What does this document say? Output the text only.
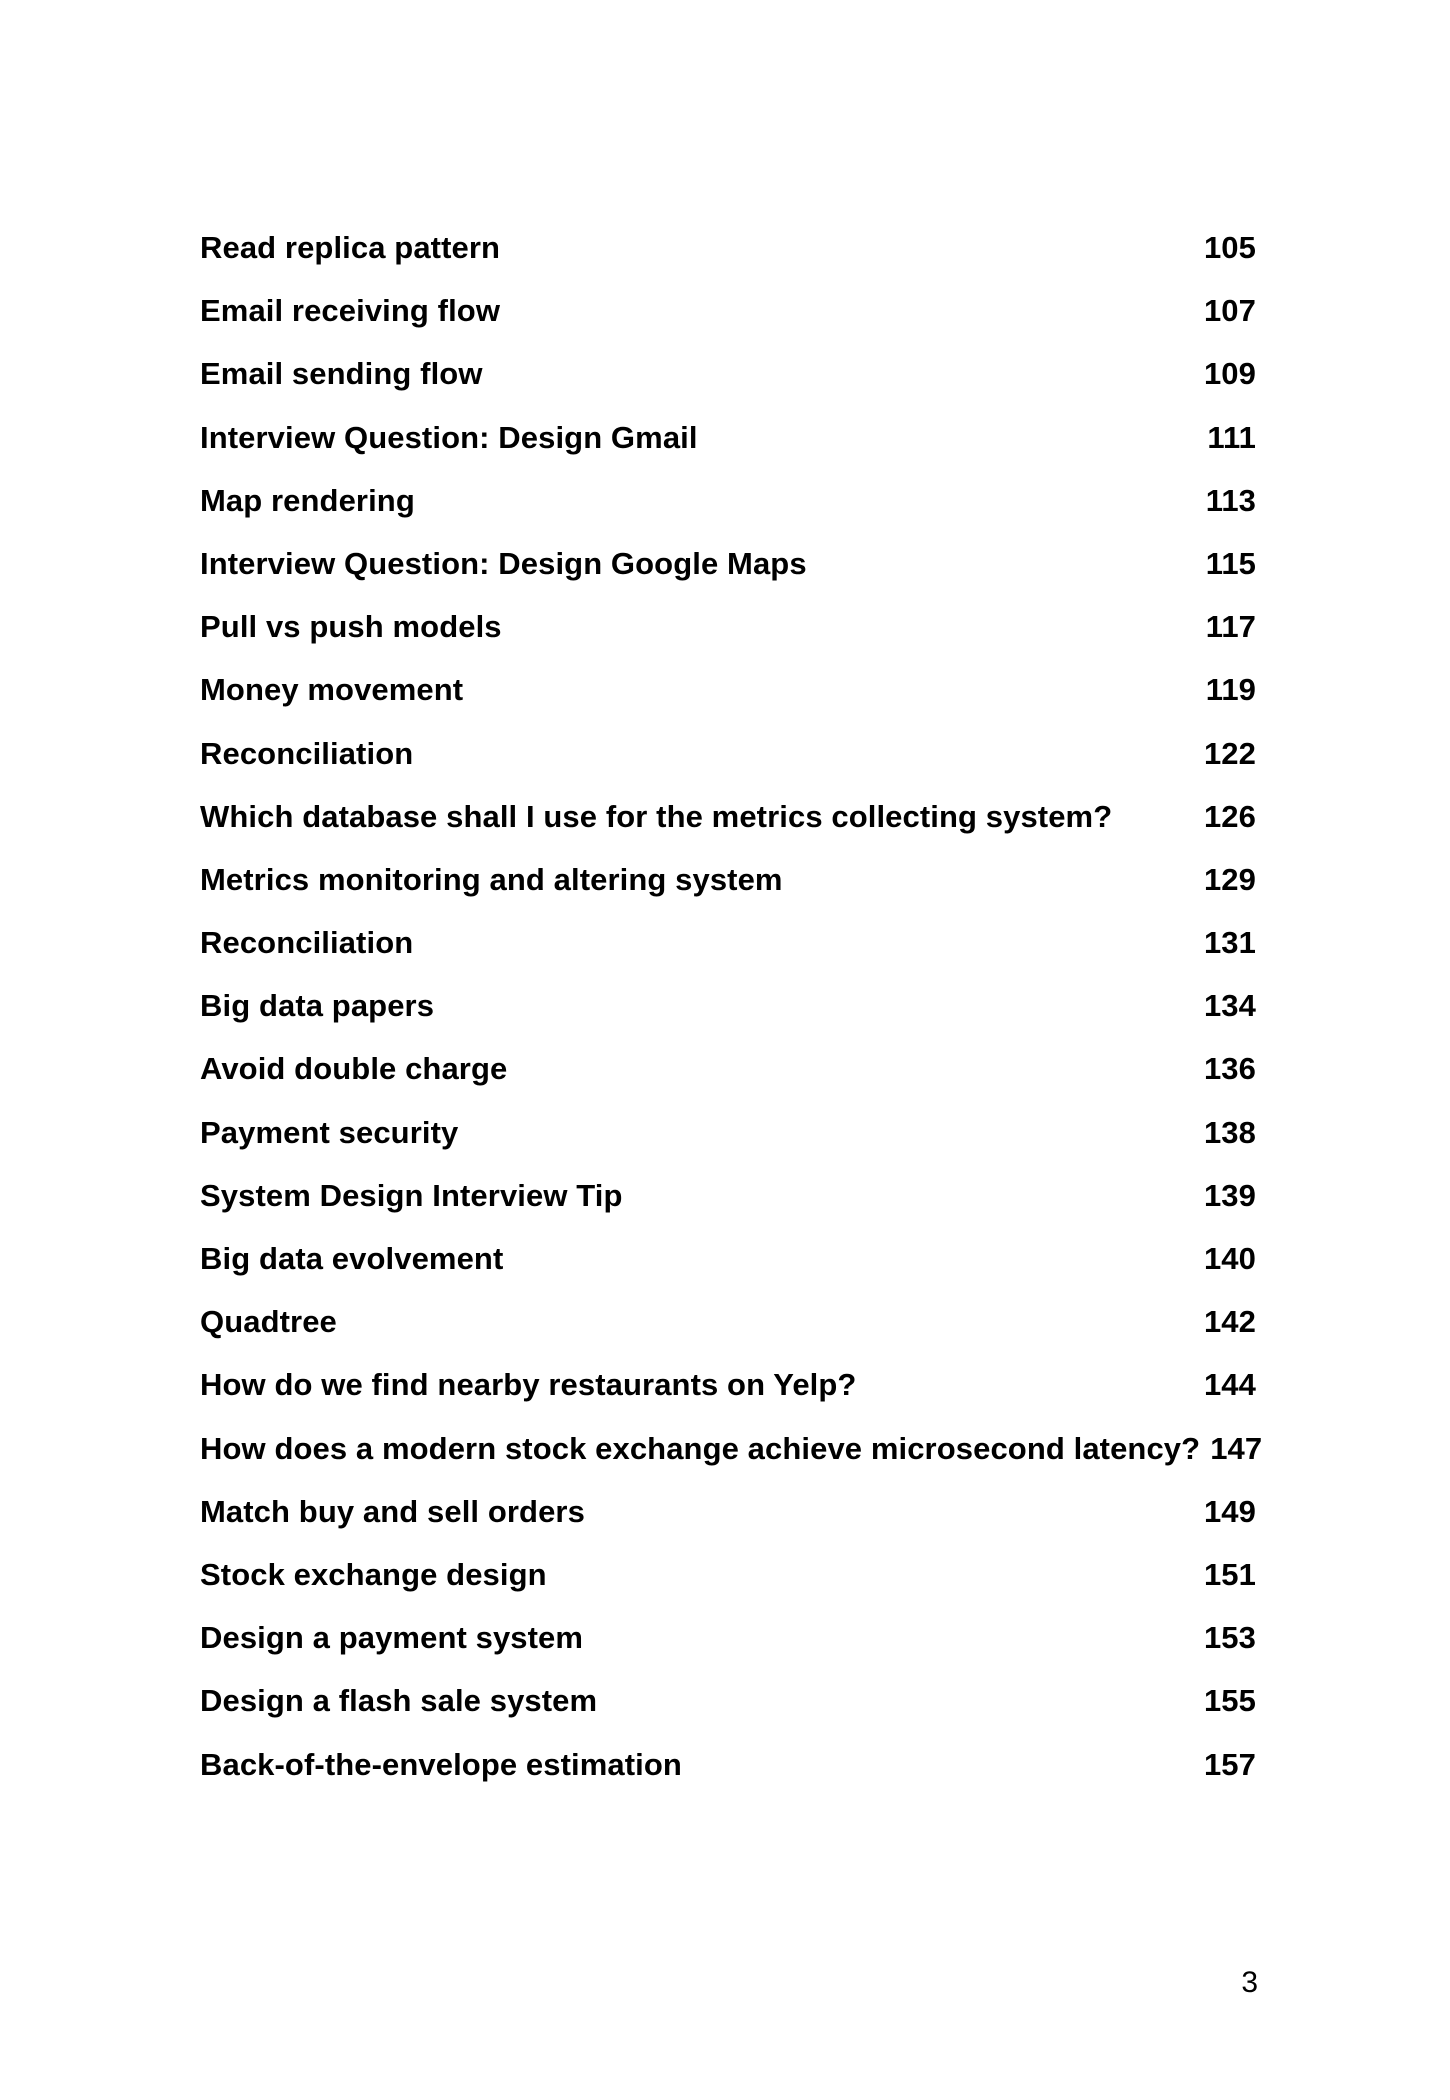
Read replica pattern	105
Email receiving flow	107
Email sending flow	109
Interview Question: Design Gmail	111
Map rendering	113
Interview Question: Design Google Maps	115
Pull vs push models	117
Money movement	119
Reconciliation	122
Which database shall I use for the metrics collecting system?	126
Metrics monitoring and altering system	129
Reconciliation	131
Big data papers	134
Avoid double charge	136
Payment security	138
System Design Interview Tip	139
Big data evolvement	140
Quadtree	142
How do we find nearby restaurants on Yelp?	144
How does a modern stock exchange achieve microsecond latency? 147
Match buy and sell orders	149
Stock exchange design	151
Design a payment system	153
Design a flash sale system	155
Back-of-the-envelope estimation	157
3
